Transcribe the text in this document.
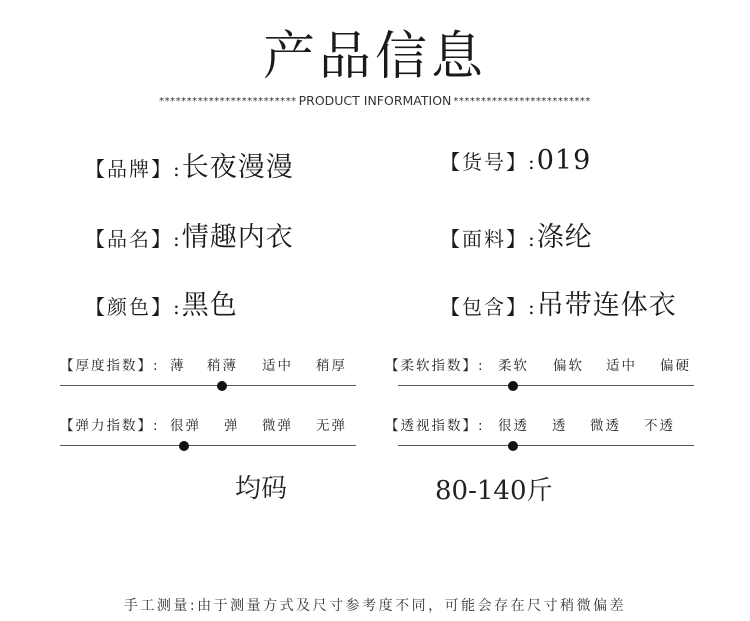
产品信息
************************* PRODUCT INFORMATION *************************
【品牌】:长夜漫漫	【货号】:019
【品名】:情趣内衣	【面料】:涤纶
【颜色】:黑色	【包含】:吊带连体衣
【厚度指数】: 薄 稍薄 适中 稍厚	【柔软指数】: 柔软 偏软 适中 偏硬
【弹力指数】: 很弹 弹 微弹 无弹	【透视指数】: 很透 透 微透 不透
均码	80-140斤
手工测量:由于测量方式及尺寸参考度不同，可能会存在尺寸稍微偏差
